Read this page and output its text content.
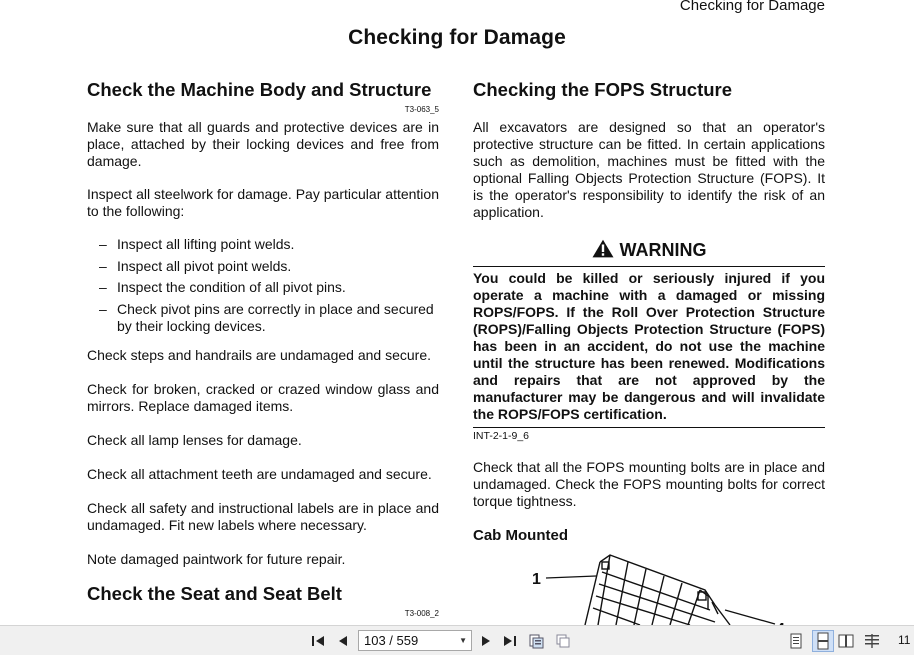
Checking for Damage
Checking for Damage
Check the Machine Body and Structure
T3-063_5

Make sure that all guards and protective devices are in place, attached by their locking devices and free from damage.

Inspect all steelwork for damage. Pay particular attention to the following:

– Inspect all lifting point welds.
– Inspect all pivot point welds.
– Inspect the condition of all pivot pins.
– Check pivot pins are correctly in place and secured by their locking devices.

Check steps and handrails are undamaged and secure.

Check for broken, cracked or crazed window glass and mirrors. Replace damaged items.

Check all lamp lenses for damage.

Check all attachment teeth are undamaged and secure.

Check all safety and instructional labels are in place and undamaged. Fit new labels where necessary.

Note damaged paintwork for future repair.

Check the Seat and Seat Belt
T3-008_2
Checking the FOPS Structure

All excavators are designed so that an operator's protective structure can be fitted. In certain applications such as demolition, machines must be fitted with the optional Falling Objects Protection Structure (FOPS). It is the operator's responsibility to identify the risk of an application.

WARNING
You could be killed or seriously injured if you operate a machine with a damaged or missing ROPS/FOPS. If the Roll Over Protection Structure (ROPS)/Falling Objects Protection Structure (FOPS) has been in an accident, do not use the machine until the structure has been renewed. Modifications and repairs that are not approved by the manufacturer may be dangerous and will invalidate the ROPS/FOPS certification.
INT-2-1-9_6

Check that all the FOPS mounting bolts are in place and undamaged. Check the FOPS mounting bolts for correct torque tightness.

Cab Mounted
1
103 / 559	▼	11
